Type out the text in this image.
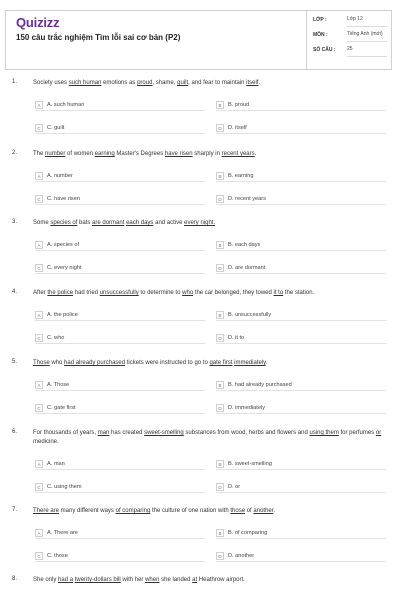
Quizizz
150 câu trắc nghiệm Tìm lỗi sai cơ bản (P2)
LỚP :	Lớp 12
MÔN :	Tiếng Anh (mới)
SỐ CÂU : 25
1.	Society uses such human emotions as proud, shame, guilt, and fear to maintain itself.
A A. such human	B B. proud
C C. guilt	D D. itself
2.	The number of women earning Master's Degrees have risen sharply in recent years.
A A. number	B B. earning
C C. have risen	D D. recent years
3.	Some species of bats are dormant each days and active every night.
A A. species of	B B. each days
C C. every night	D D. are dormant
4.	After the police had tried unsuccessfully to determine to who the car belonged, they towed it to the station.
A A. the police	B B. unsuccessfully
C C. who	D D. it to
5.	Those who had already purchased tickets were instructed to go to gate first immediately.
A A. Those	B B. had already purchased
C C. gate first	D D. immediately
6.	For thousands of years, man has created sweet-smelling substances from wood, herbs and flowers and using them for perfumes or medicine.
A A. man	B B. sweet-smelling
C C. using them	D D. or
7.	There are many different ways of comparing the culture of one nation with those of another.
A A. There are	B B. of comparing
C C. those	D D. another
8.	She only had a twenty-dollars bill with her when she landed at Heathrow airport.
